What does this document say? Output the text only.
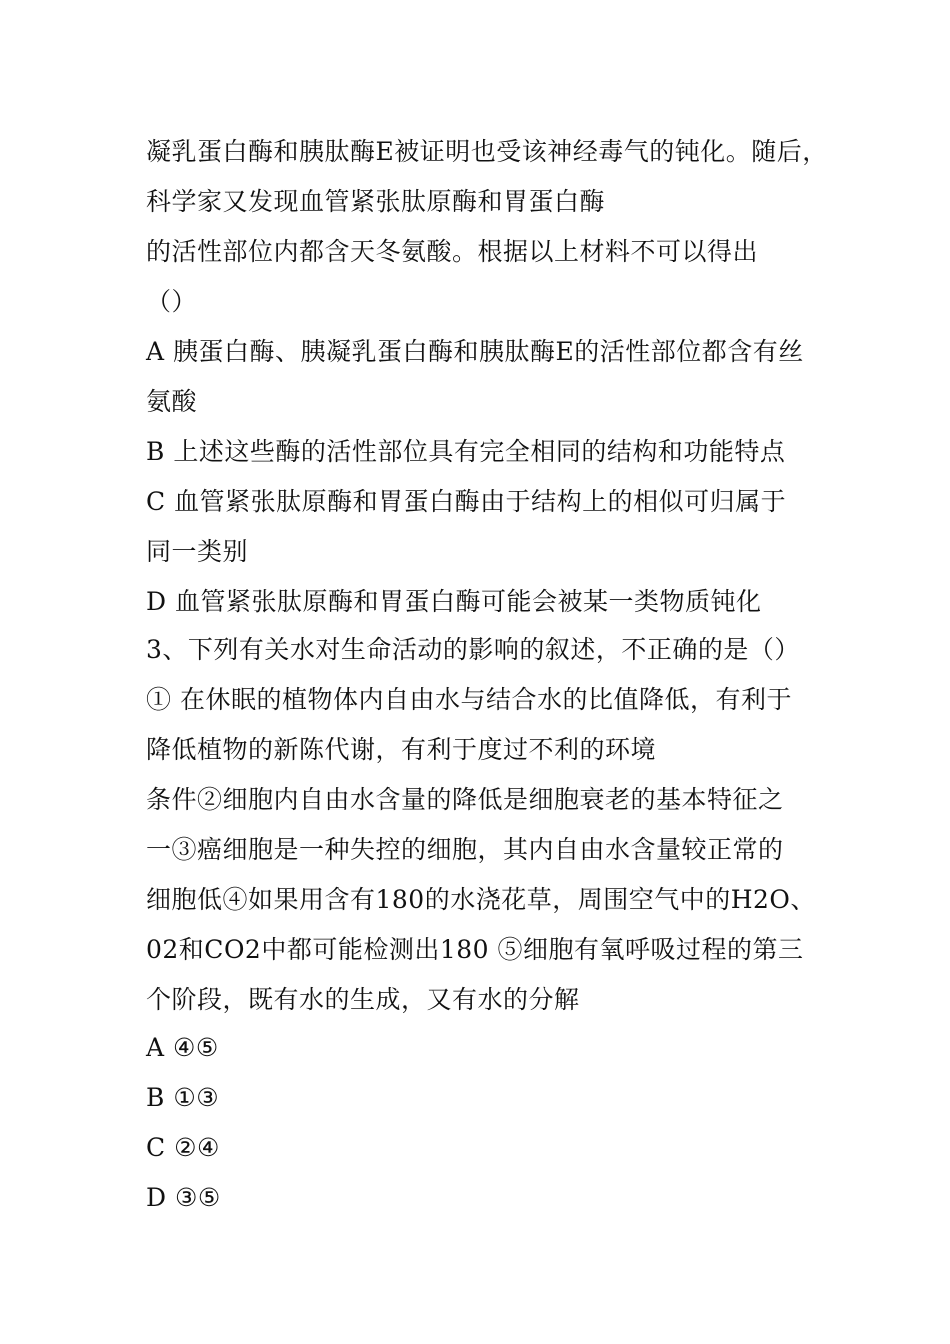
凝乳蛋白酶和胰肽酶E被证明也受该神经毒气的钝化。随后，

科学家又发现血管紧张肽原酶和胃蛋白酶

的活性部位内都含天冬氨酸。根据以上材料不可以得出

（）

A 胰蛋白酶、胰凝乳蛋白酶和胰肽酶E的活性部位都含有丝

氨酸

B 上述这些酶的活性部位具有完全相同的结构和功能特点

C 血管紧张肽原酶和胃蛋白酶由于结构上的相似可归属于

同一类别

D 血管紧张肽原酶和胃蛋白酶可能会被某一类物质钝化

3、下列有关水对生命活动的影响的叙述，不正确的是（）

① 在休眠的植物体内自由水与结合水的比值降低，有利于

降低植物的新陈代谢，有利于度过不利的环境

条件②细胞内自由水含量的降低是细胞衰老的基本特征之

一③癌细胞是一种失控的细胞，其内自由水含量较正常的

细胞低④如果用含有180的水浇花草，周围空气中的H2O、

02和CO2中都可能检测出180 ⑤细胞有氧呼吸过程的第三

个阶段，既有水的生成，又有水的分解

A ④⑤

B ①③

C ②④

D ③⑤
